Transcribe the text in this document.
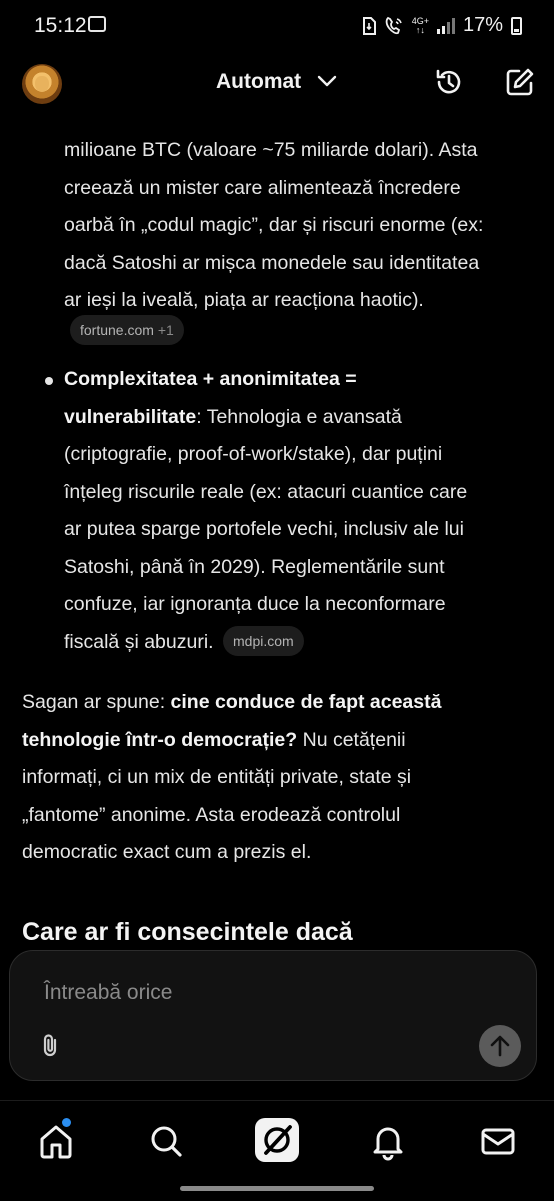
15:12	4G+
↑↓ 17%
Automat
milioane BTC (valoare ~75 miliarde dolari). Asta
creează un mister care alimentează încredere
oarbă în „codul magic”, dar și riscuri enorme (ex:
dacă Satoshi ar mișca monedele sau identitatea
ar ieși la iveală, piața ar reacționa haotic).
fortune.com +1
Complexitatea + anonimitatea =
vulnerabilitate: Tehnologia e avansată
(criptografie, proof-of-work/stake), dar puțini
înțeleg riscurile reale (ex: atacuri cuantice care
ar putea sparge portofele vechi, inclusiv ale lui
Satoshi, până în 2029). Reglementările sunt
confuze, iar ignoranța duce la neconformare
fiscală și abuzuri. mdpi.com
Sagan ar spune: cine conduce de fapt această
tehnologie într-o democrație? Nu cetățenii
informați, ci un mix de entități private, state și
„fantome” anonime. Asta erodează controlul
democratic exact cum a prezis el.
Care ar fi consecintele dacă
Întreabă orice
